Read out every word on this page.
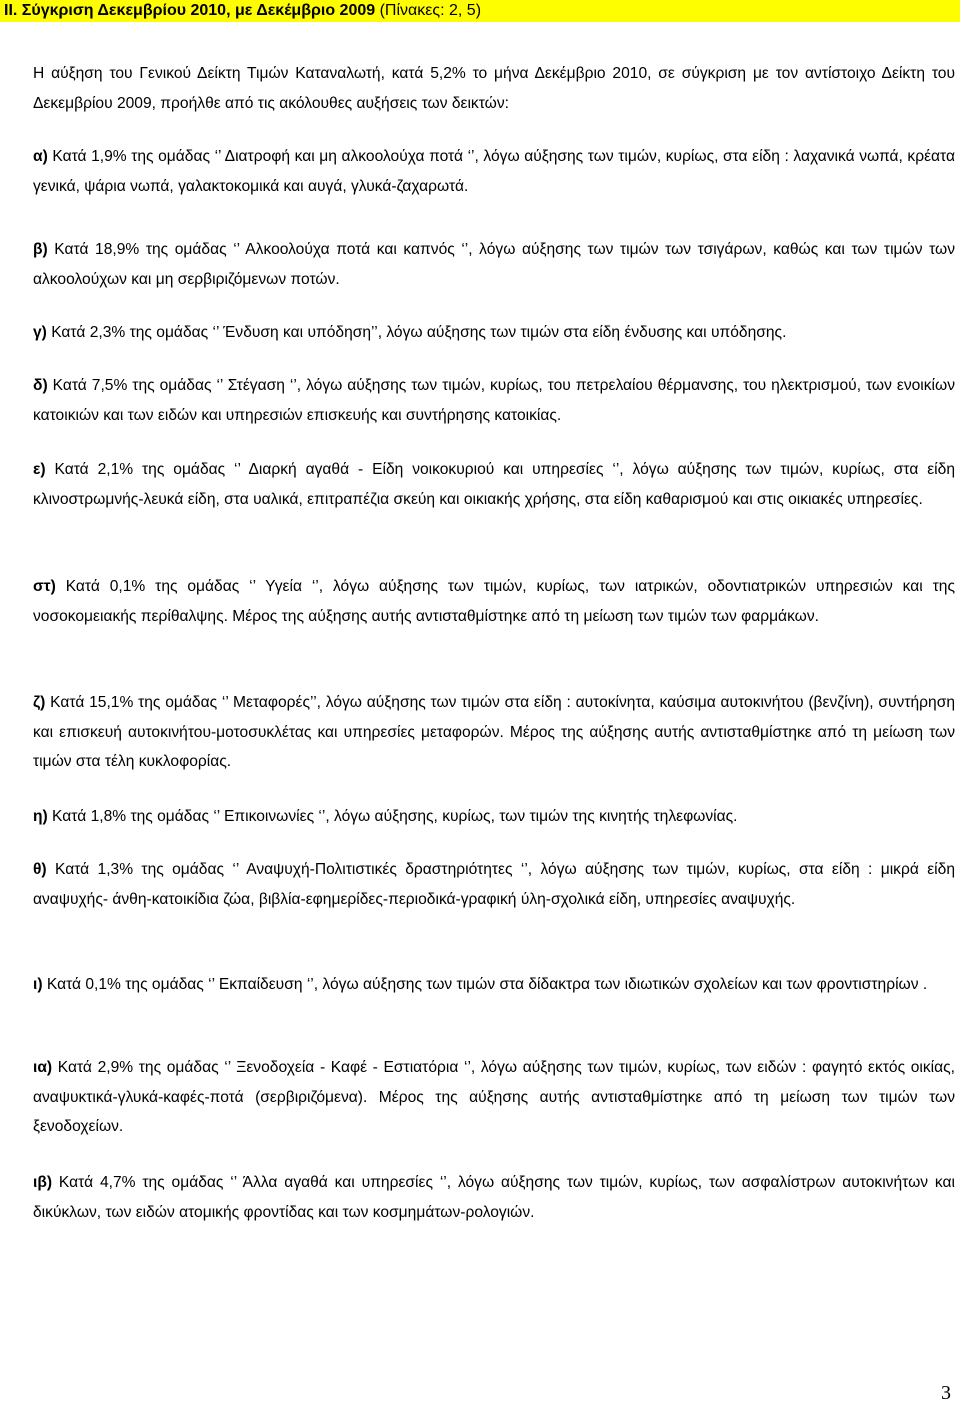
II. Σύγκριση Δεκεμβρίου 2010, με Δεκέμβριο 2009 (Πίνακες: 2, 5)

Η αύξηση του Γενικού Δείκτη Τιμών Καταναλωτή, κατά 5,2% το μήνα Δεκέμβριο 2010, σε σύγκριση με τον αντίστοιχο Δείκτη του Δεκεμβρίου 2009, προήλθε από τις ακόλουθες αυξήσεις των δεικτών:

α) Κατά 1,9% της ομάδας ‘’ Διατροφή και μη αλκοολούχα ποτά ‘’, λόγω αύξησης των τιμών, κυρίως, στα είδη : λαχανικά νωπά, κρέατα γενικά, ψάρια νωπά, γαλακτοκομικά και αυγά, γλυκά-ζαχαρωτά.

β) Κατά 18,9% της ομάδας ‘’ Αλκοολούχα ποτά και καπνός ‘’, λόγω αύξησης των τιμών των τσιγάρων, καθώς και των τιμών των αλκοολούχων και μη σερβιριζόμενων ποτών.

γ) Κατά 2,3% της ομάδας ‘’ Ένδυση και υπόδηση’’, λόγω αύξησης των τιμών στα είδη ένδυσης και υπόδησης.

δ) Κατά 7,5% της ομάδας ‘’ Στέγαση ‘’, λόγω αύξησης των τιμών, κυρίως, του πετρελαίου θέρμανσης, του ηλεκτρισμού, των ενοικίων κατοικιών και των ειδών και υπηρεσιών επισκευής και συντήρησης κατοικίας.

ε) Κατά 2,1% της ομάδας ‘’ Διαρκή αγαθά - Είδη νοικοκυριού και υπηρεσίες ‘’, λόγω αύξησης των τιμών, κυρίως, στα είδη κλινοστρωμνής-λευκά είδη, στα υαλικά, επιτραπέζια σκεύη και οικιακής χρήσης, στα είδη καθαρισμού και στις οικιακές υπηρεσίες.

στ) Κατά 0,1% της ομάδας ‘’ Υγεία ‘’, λόγω αύξησης των τιμών, κυρίως, των ιατρικών, οδοντιατρικών υπηρεσιών και της νοσοκομειακής περίθαλψης. Μέρος της αύξησης αυτής αντισταθμίστηκε από τη μείωση των τιμών των φαρμάκων.

ζ) Κατά 15,1% της ομάδας ‘’ Μεταφορές’’, λόγω αύξησης των τιμών στα είδη : αυτοκίνητα, καύσιμα αυτοκινήτου (βενζίνη), συντήρηση και επισκευή αυτοκινήτου-μοτοσυκλέτας και υπηρεσίες μεταφορών. Μέρος της αύξησης αυτής αντισταθμίστηκε από τη μείωση των τιμών στα τέλη κυκλοφορίας.

η) Κατά 1,8% της ομάδας ‘’ Επικοινωνίες ‘’, λόγω αύξησης, κυρίως, των τιμών της κινητής τηλεφωνίας.

θ) Κατά 1,3% της ομάδας ‘’ Αναψυχή-Πολιτιστικές δραστηριότητες ‘’, λόγω αύξησης των τιμών, κυρίως, στα είδη : μικρά είδη αναψυχής- άνθη-κατοικίδια ζώα, βιβλία-εφημερίδες-περιοδικά-γραφική ύλη-σχολικά είδη, υπηρεσίες αναψυχής.

ι) Κατά 0,1% της ομάδας ‘’ Εκπαίδευση ‘’, λόγω αύξησης των τιμών στα δίδακτρα των ιδιωτικών σχολείων και των φροντιστηρίων .

ια) Κατά 2,9% της ομάδας ‘’ Ξενοδοχεία - Καφέ - Εστιατόρια ‘’, λόγω αύξησης των τιμών, κυρίως, των ειδών : φαγητό εκτός οικίας, αναψυκτικά-γλυκά-καφές-ποτά (σερβιριζόμενα). Μέρος της αύξησης αυτής αντισταθμίστηκε από τη μείωση των τιμών των ξενοδοχείων.

ιβ) Κατά 4,7% της ομάδας ‘’ Άλλα αγαθά και υπηρεσίες ‘’, λόγω αύξησης των τιμών, κυρίως, των ασφαλίστρων αυτοκινήτων και δικύκλων, των ειδών ατομικής φροντίδας και των κοσμημάτων-ρολογιών.

3
